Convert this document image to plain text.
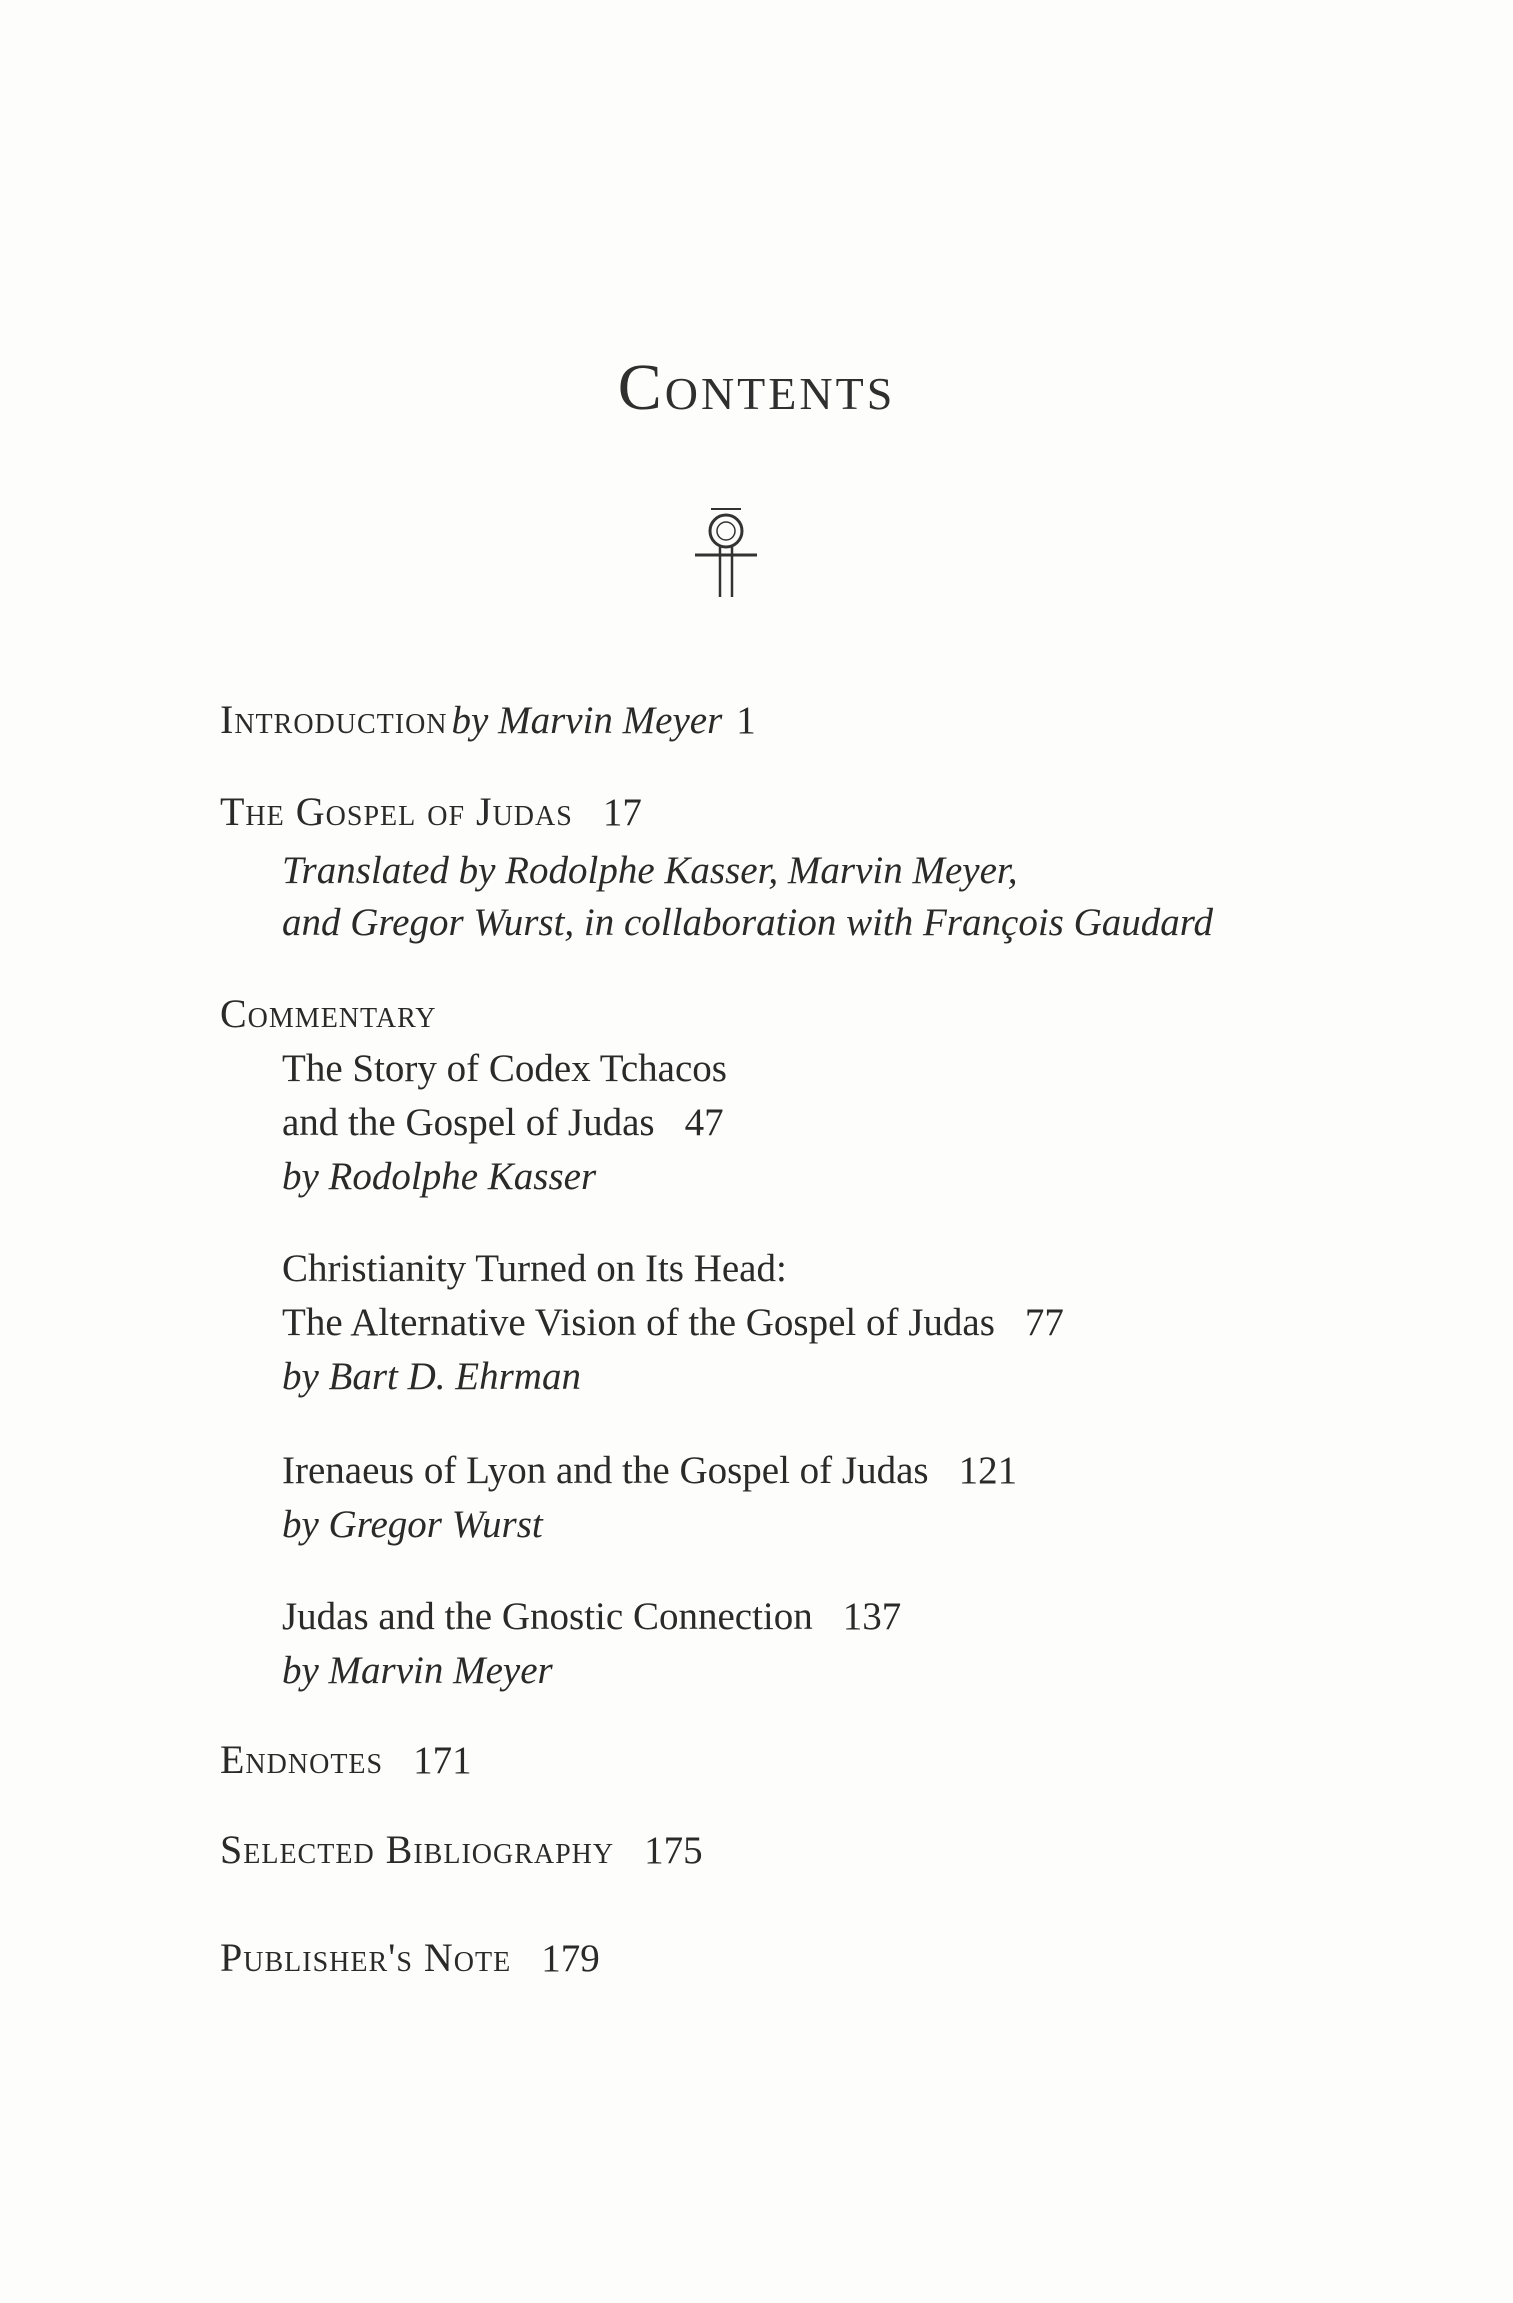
Contents
Introduction by Marvin Meyer 1
The Gospel of Judas 17
Translated by Rodolphe Kasser, Marvin Meyer,
and Gregor Wurst, in collaboration with François Gaudard
Commentary
The Story of Codex Tchacos
and the Gospel of Judas 47
by Rodolphe Kasser
Christianity Turned on Its Head:
The Alternative Vision of the Gospel of Judas 77
by Bart D. Ehrman
Irenaeus of Lyon and the Gospel of Judas 121
by Gregor Wurst
Judas and the Gnostic Connection 137
by Marvin Meyer
Endnotes 171
Selected Bibliography 175
Publisher's Note 179
